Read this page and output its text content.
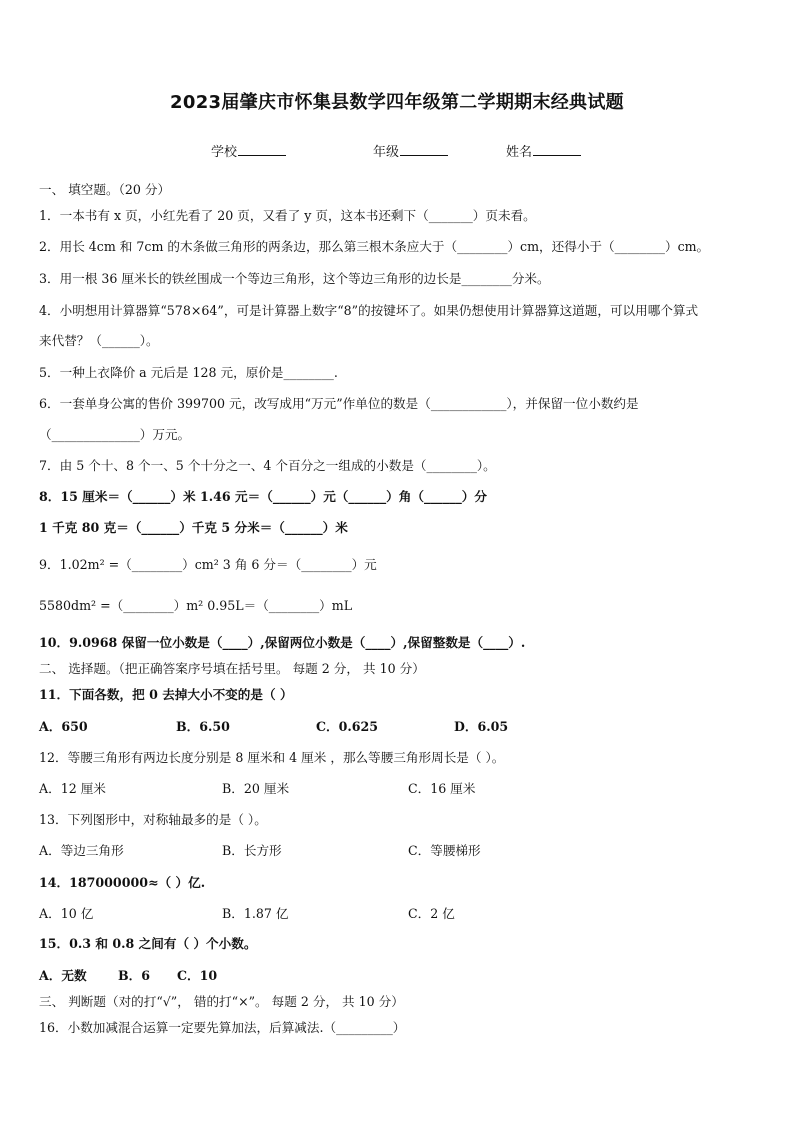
2023届肇庆市怀集县数学四年级第二学期期末经典试题
学校	年级	姓名
一、 填空题。（20 分）
1．一本书有 x 页，小红先看了 20 页，又看了 y 页，这本书还剩下（_______）页未看。
2．用长 4cm 和 7cm 的木条做三角形的两条边，那么第三根木条应大于（________）cm，还得小于（________）cm。
3．用一根 36 厘米长的铁丝围成一个等边三角形，这个等边三角形的边长是________分米。
4．小明想用计算器算“578×64”，可是计算器上数字“8”的按键坏了。如果仍想使用计算器算这道题，可以用哪个算式
来代替？（______）。
5．一种上衣降价 a 元后是 128 元，原价是________.
6．一套单身公寓的售价 399700 元，改写成用“万元”作单位的数是（____________），并保留一位小数约是
（______________）万元。
7．由 5 个十、8 个一、5 个十分之一、4 个百分之一组成的小数是（________）。
8．15 厘米＝（______）米 1.46 元＝（______）元（______）角（______）分
1 千克 80 克＝（______）千克 5 分米＝（______）米
9．1.02m² =（________）cm² 3 角 6 分＝（________）元
5580dm² =（________）m² 0.95L＝（________）mL
10．9.0968 保留一位小数是（____）,保留两位小数是（____）,保留整数是（____）.
二、 选择题。（把正确答案序号填在括号里。 每题 2 分， 共 10 分）
11．下面各数，把 0 去掉大小不变的是（ ）
A．650	B．6.50	C．0.625	D．6.05
12．等腰三角形有两边长度分别是 8 厘米和 4 厘米 ，那么等腰三角形周长是（ ）。
A．12 厘米	B．20 厘米	C．16 厘米
13．下列图形中，对称轴最多的是（ ）。
A．等边三角形	B．长方形	C．等腰梯形
14．187000000≈（ ）亿.
A．10 亿	B．1.87 亿	C．2 亿
15．0.3 和 0.8 之间有（ ）个小数。
A．无数 B．6 C．10
三、 判断题（对的打“√”， 错的打“×”。 每题 2 分， 共 10 分）
16．小数加减混合运算一定要先算加法，后算减法.（_________）
